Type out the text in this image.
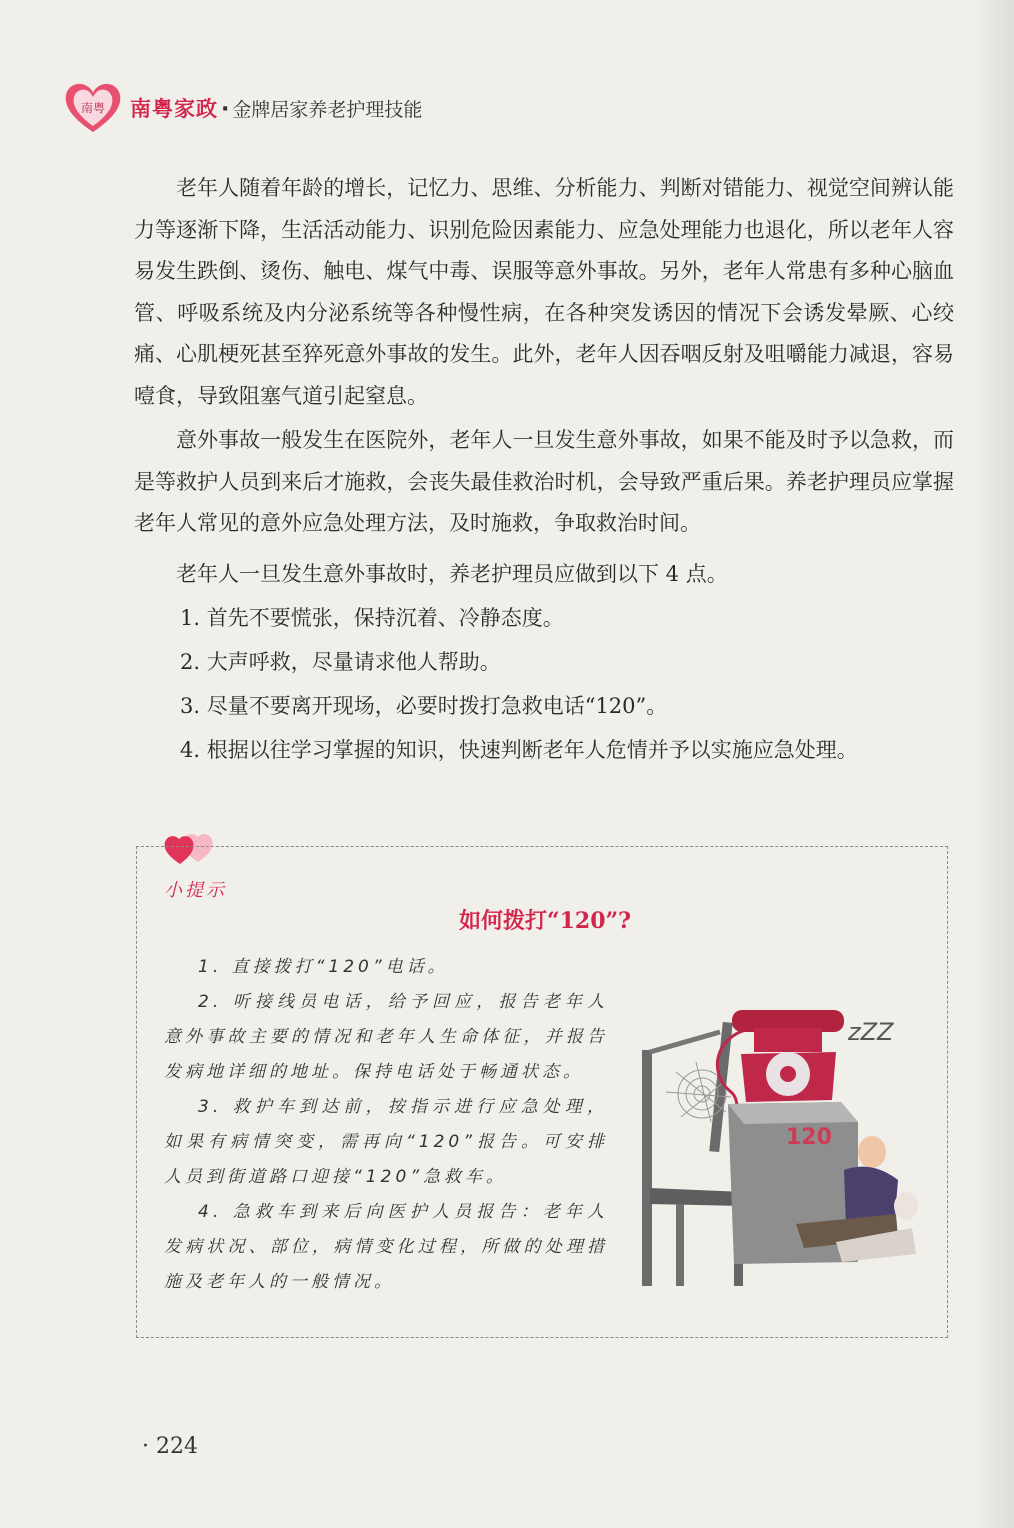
南粤 南粤家政 · 金牌居家养老护理技能

老年人随着年龄的增长，记忆力、思维、分析能力、判断对错能力、视觉空间辨认能力等逐渐下降，生活活动能力、识别危险因素能力、应急处理能力也退化，所以老年人容易发生跌倒、烫伤、触电、煤气中毒、误服等意外事故。另外，老年人常患有多种心脑血管、呼吸系统及内分泌系统等各种慢性病，在各种突发诱因的情况下会诱发晕厥、心绞痛、心肌梗死甚至猝死意外事故的发生。此外，老年人因吞咽反射及咀嚼能力减退，容易噎食，导致阻塞气道引起窒息。

意外事故一般发生在医院外，老年人一旦发生意外事故，如果不能及时予以急救，而是等救护人员到来后才施救，会丧失最佳救治时机，会导致严重后果。养老护理员应掌握老年人常见的意外应急处理方法，及时施救，争取救治时间。

老年人一旦发生意外事故时，养老护理员应做到以下 4 点。

1. 首先不要慌张，保持沉着、冷静态度。

2. 大声呼救，尽量请求他人帮助。

3. 尽量不要离开现场，必要时拨打急救电话“120”。

4. 根据以往学习掌握的知识，快速判断老年人危情并予以实施应急处理。

小提示
如何拨打“120”?

1. 直接拨打“120”电话。

2. 听接线员电话，给予回应，报告老年人意外事故主要的情况和老年人生命体征，并报告发病地详细的地址。保持电话处于畅通状态。

3. 救护车到达前，按指示进行应急处理，如果有病情突变，需再向“120”报告。可安排人员到街道路口迎接“120”急救车。

4. 急救车到来后向医护人员报告：老年人发病状况、部位，病情变化过程，所做的处理措施及老年人的一般情况。

120
zZZ
· 224
